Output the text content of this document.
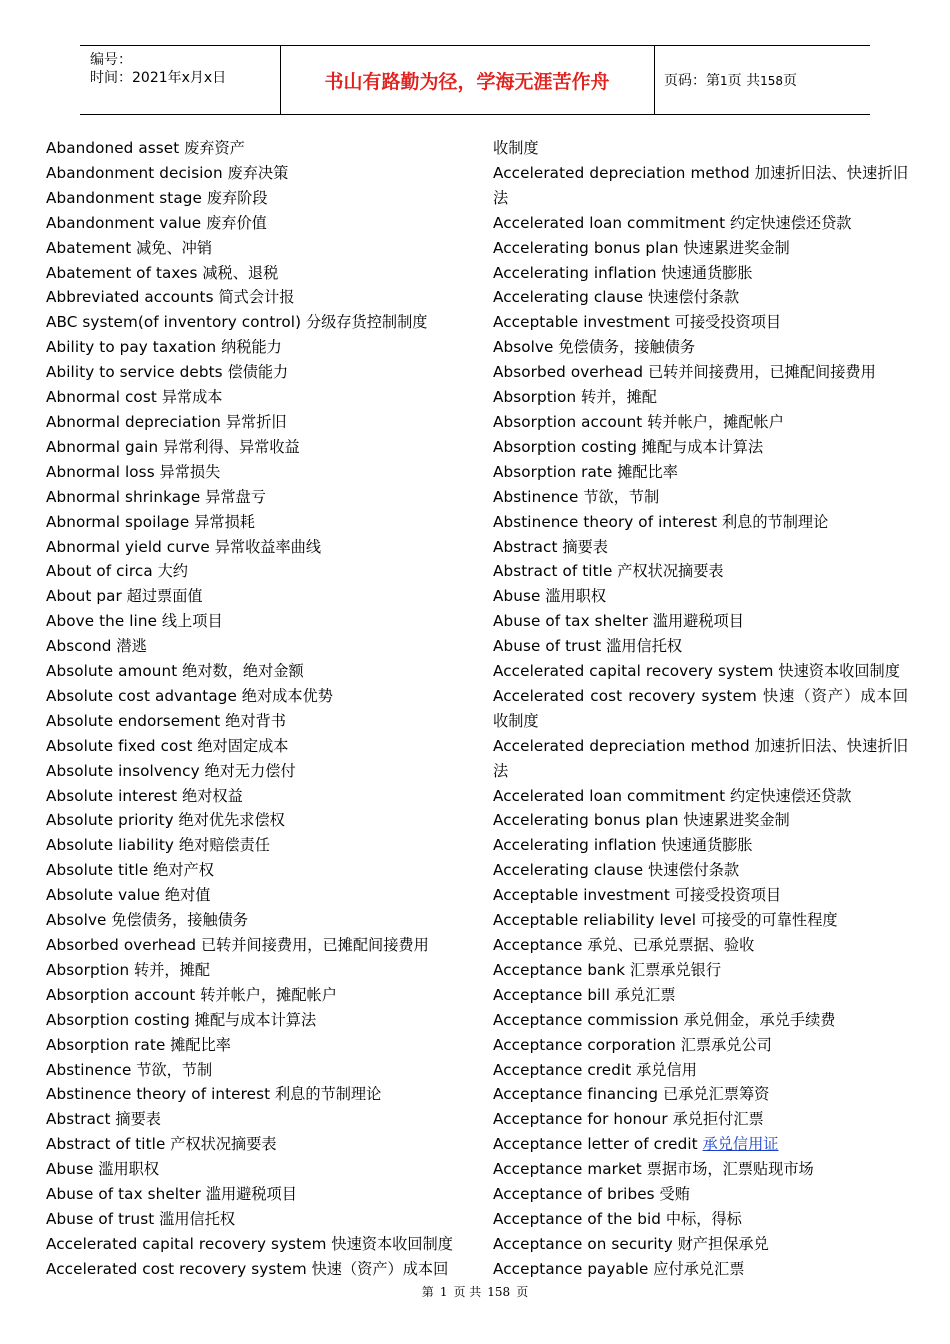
编号：
时间：2021年x月x日	书山有路勤为径，学海无涯苦作舟	页码：第1页 共158页
Abandoned asset 废弃资产
Abandonment decision 废弃决策
Abandonment stage 废弃阶段
Abandonment value 废弃价值
Abatement 减免、冲销
Abatement of taxes 减税、退税
Abbreviated accounts 简式会计报
ABC system(of inventory control) 分级存货控制制度
Ability to pay taxation 纳税能力
Ability to service debts 偿债能力
Abnormal cost 异常成本
Abnormal depreciation 异常折旧
Abnormal gain 异常利得、异常收益
Abnormal loss 异常损失
Abnormal shrinkage 异常盘亏
Abnormal spoilage 异常损耗
Abnormal yield curve 异常收益率曲线
About of circa 大约
About par 超过票面值
Above the line 线上项目
Abscond 潜逃
Absolute amount 绝对数，绝对金额
Absolute cost advantage 绝对成本优势
Absolute endorsement 绝对背书
Absolute fixed cost 绝对固定成本
Absolute insolvency 绝对无力偿付
Absolute interest 绝对权益
Absolute priority 绝对优先求偿权
Absolute liability 绝对赔偿责任
Absolute title 绝对产权
Absolute value 绝对值
Absolve 免偿债务，接触债务
Absorbed overhead 已转并间接费用，已摊配间接费用
Absorption 转并，摊配
Absorption account 转并帐户，摊配帐户
Absorption costing 摊配与成本计算法
Absorption rate 摊配比率
Abstinence 节欲，节制
Abstinence theory of interest 利息的节制理论
Abstract 摘要表
Abstract of title 产权状况摘要表
Abuse 滥用职权
Abuse of tax shelter 滥用避税项目
Abuse of trust 滥用信托权
Accelerated capital recovery system 快速资本收回制度
Accelerated cost recovery system 快速（资产）成本回
收制度
Accelerated depreciation method 加速折旧法、快速折旧法
Accelerated loan commitment 约定快速偿还贷款
Accelerating bonus plan 快速累进奖金制
Accelerating inflation 快速通货膨胀
Accelerating clause 快速偿付条款
Acceptable investment 可接受投资项目
Absolve 免偿债务，接触债务
Absorbed overhead 已转并间接费用，已摊配间接费用
Absorption 转并，摊配
Absorption account 转并帐户，摊配帐户
Absorption costing 摊配与成本计算法
Absorption rate 摊配比率
Abstinence 节欲，节制
Abstinence theory of interest 利息的节制理论
Abstract 摘要表
Abstract of title 产权状况摘要表
Abuse 滥用职权
Abuse of tax shelter 滥用避税项目
Abuse of trust 滥用信托权
Accelerated capital recovery system 快速资本收回制度
Accelerated cost recovery system 快速（资产）成本回收制度
Accelerated depreciation method 加速折旧法、快速折旧法
Accelerated loan commitment 约定快速偿还贷款
Accelerating bonus plan 快速累进奖金制
Accelerating inflation 快速通货膨胀
Accelerating clause 快速偿付条款
Acceptable investment 可接受投资项目
Acceptable reliability level 可接受的可靠性程度
Acceptance 承兑、已承兑票据、验收
Acceptance bank 汇票承兑银行
Acceptance bill 承兑汇票
Acceptance commission 承兑佣金，承兑手续费
Acceptance corporation 汇票承兑公司
Acceptance credit 承兑信用
Acceptance financing 已承兑汇票筹资
Acceptance for honour 承兑拒付汇票
Acceptance letter of credit 承兑信用证
Acceptance market 票据市场，汇票贴现市场
Acceptance of bribes 受贿
Acceptance of the bid 中标，得标
Acceptance on security 财产担保承兑
Acceptance payable 应付承兑汇票
第 1 页 共 158 页
